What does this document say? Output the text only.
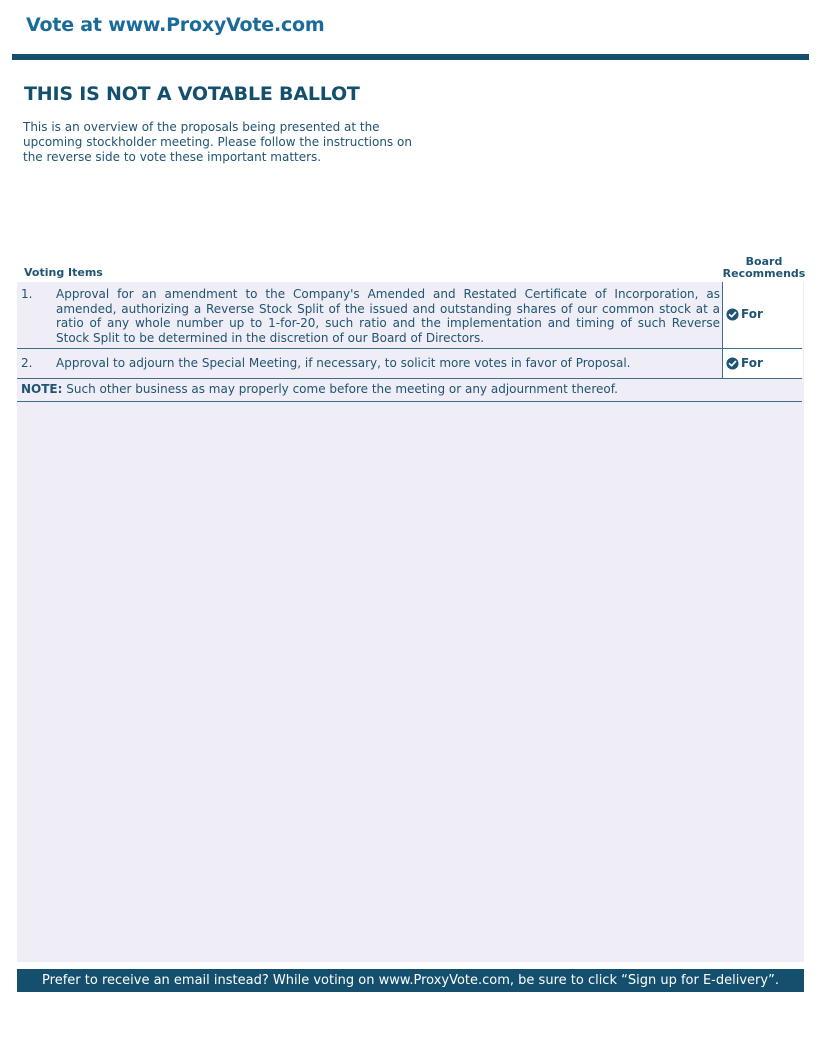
Vote at www.ProxyVote.com
THIS IS NOT A VOTABLE BALLOT
This is an overview of the proposals being presented at the upcoming stockholder meeting. Please follow the instructions on the reverse side to vote these important matters.
Voting Items
Board
Recommends
1. Approval for an amendment to the Company's Amended and Restated Certificate of Incorporation, as amended, authorizing a Reverse Stock Split of the issued and outstanding shares of our common stock at a ratio of any whole number up to 1-for-20, such ratio and the implementation and timing of such Reverse Stock Split to be determined in the discretion of our Board of Directors.
For
2. Approval to adjourn the Special Meeting, if necessary, to solicit more votes in favor of Proposal.	For
NOTE: Such other business as may properly come before the meeting or any adjournment thereof.
Prefer to receive an email instead? While voting on www.ProxyVote.com, be sure to click “Sign up for E-delivery”.
